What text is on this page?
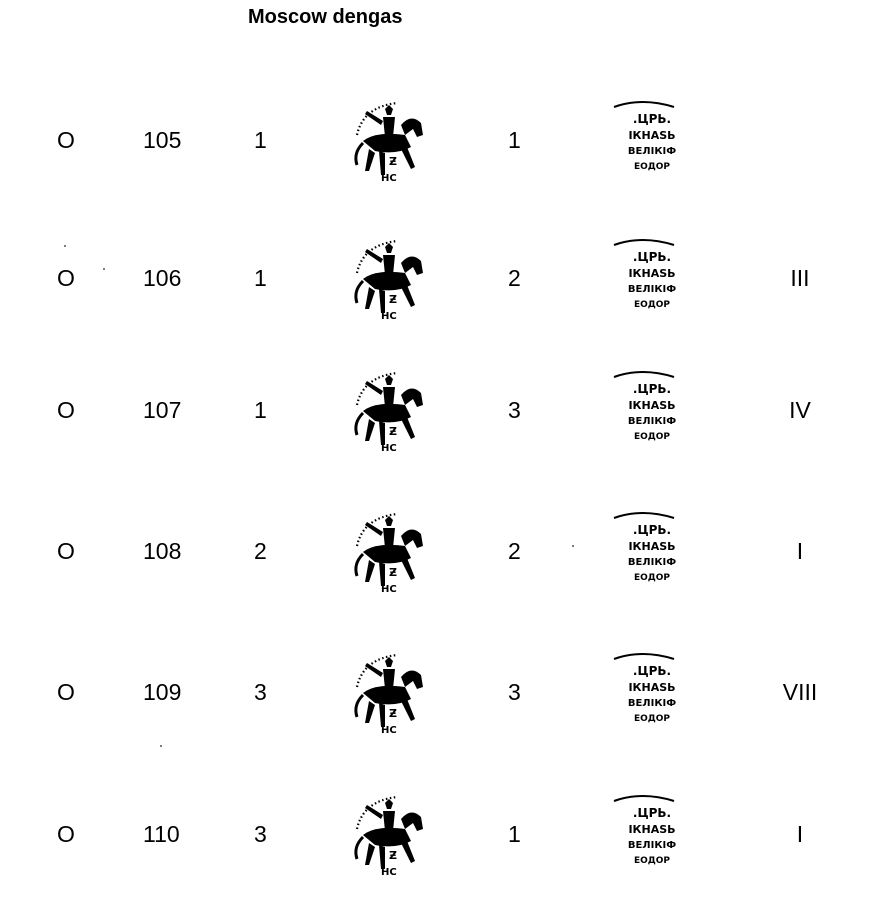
Moscow dengas
O	105	1	1
O	106	1	2	III
O	107	1	3	IV
O	108	2	2	I
O	109	3	3	VIII
O	110	3	1	I
